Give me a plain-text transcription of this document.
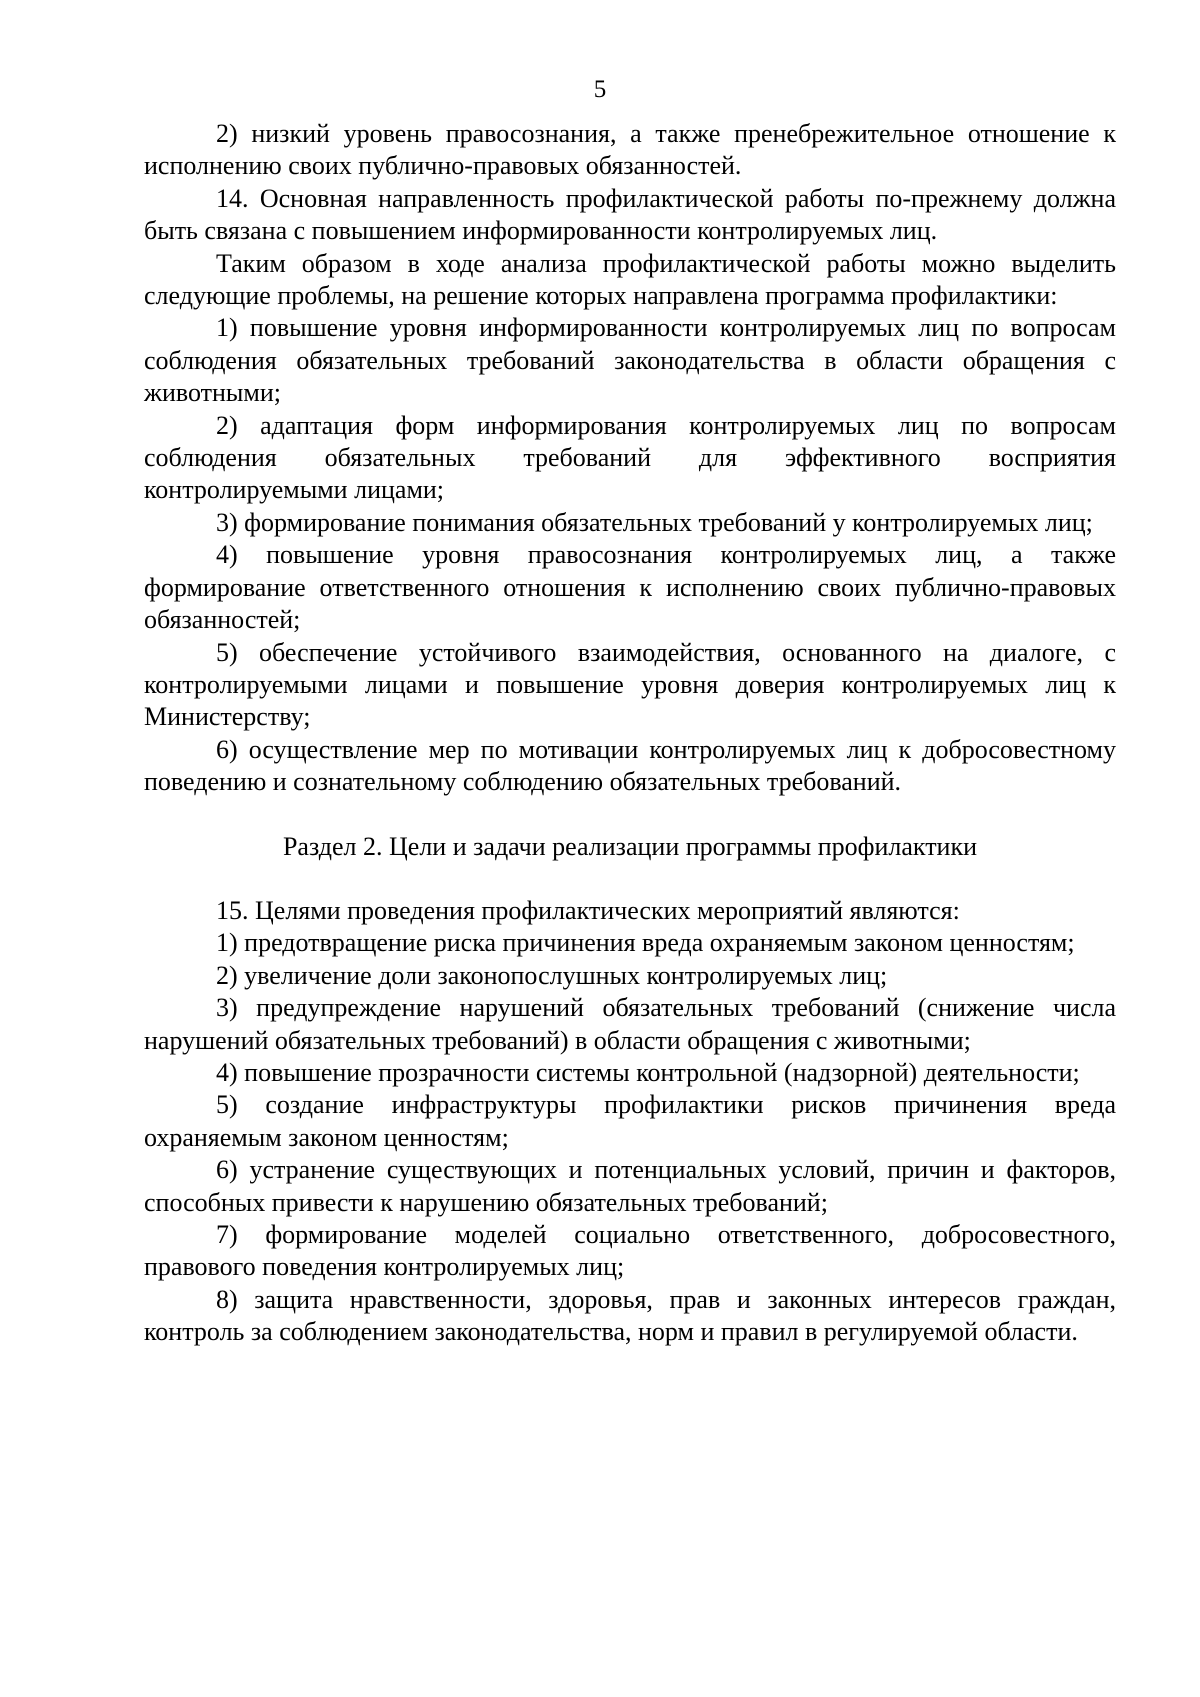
5

2) низкий уровень правосознания, а также пренебрежительное отношение к исполнению своих публично-правовых обязанностей.

14. Основная направленность профилактической работы по-прежнему должна быть связана с повышением информированности контролируемых лиц.

Таким образом в ходе анализа профилактической работы можно выделить следующие проблемы, на решение которых направлена программа профилактики:

1) повышение уровня информированности контролируемых лиц по вопросам соблюдения обязательных требований законодательства в области обращения с животными;

2) адаптация форм информирования контролируемых лиц по вопросам соблюдения обязательных требований для эффективного восприятия контролируемыми лицами;

3) формирование понимания обязательных требований у контролируемых лиц;

4) повышение уровня правосознания контролируемых лиц, а также формирование ответственного отношения к исполнению своих публично-правовых обязанностей;

5) обеспечение устойчивого взаимодействия, основанного на диалоге, с контролируемыми лицами и повышение уровня доверия контролируемых лиц к Министерству;

6) осуществление мер по мотивации контролируемых лиц к добросовестному поведению и сознательному соблюдению обязательных требований.

Раздел 2. Цели и задачи реализации программы профилактики

15. Целями проведения профилактических мероприятий являются:

1) предотвращение риска причинения вреда охраняемым законом ценностям;

2) увеличение доли законопослушных контролируемых лиц;

3) предупреждение нарушений обязательных требований (снижение числа нарушений обязательных требований) в области обращения с животными;

4) повышение прозрачности системы контрольной (надзорной) деятельности;

5) создание инфраструктуры профилактики рисков причинения вреда охраняемым законом ценностям;

6) устранение существующих и потенциальных условий, причин и факторов, способных привести к нарушению обязательных требований;

7) формирование моделей социально ответственного, добросовестного, правового поведения контролируемых лиц;

8) защита нравственности, здоровья, прав и законных интересов граждан, контроль за соблюдением законодательства, норм и правил в регулируемой области.
